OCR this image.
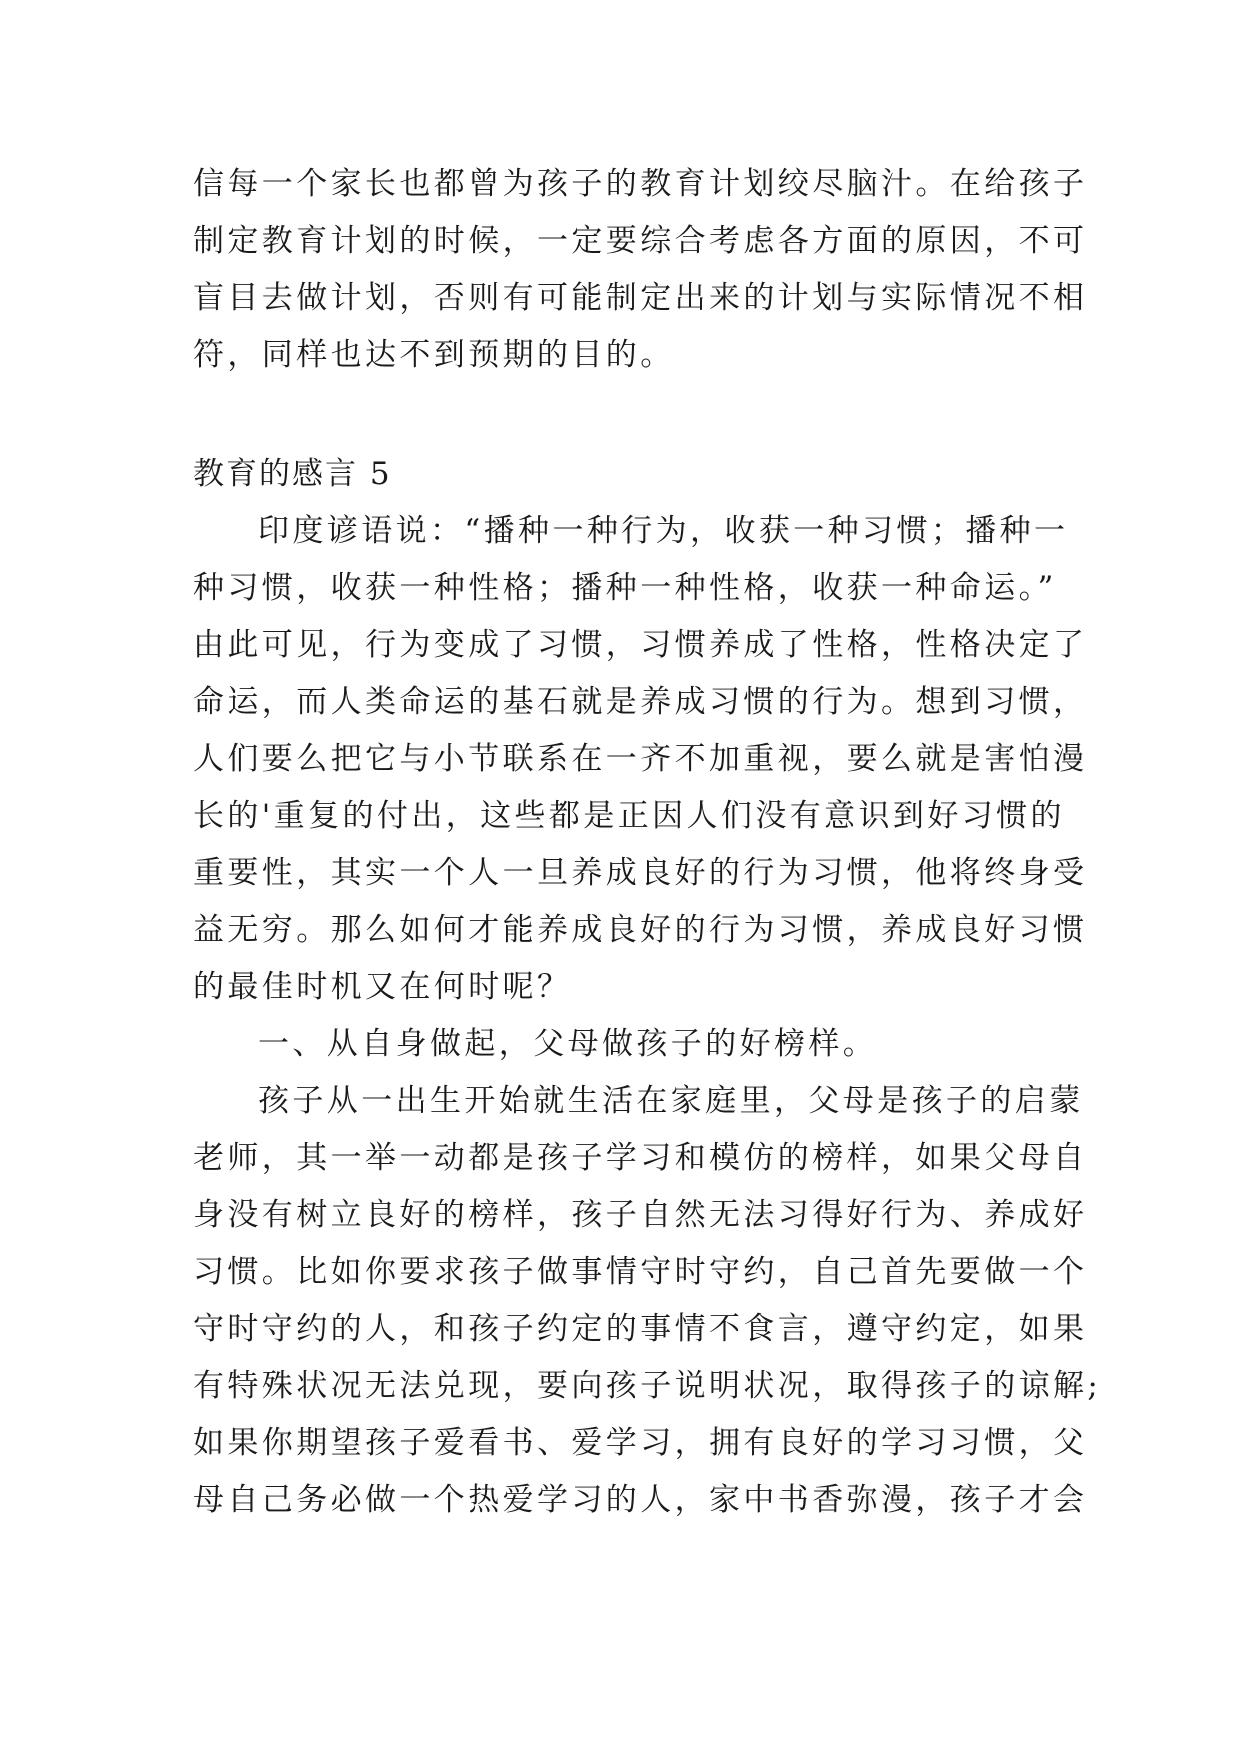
信每一个家长也都曾为孩子的教育计划绞尽脑汁。在给孩子
制定教育计划的时候，一定要综合考虑各方面的原因，不可
盲目去做计划，否则有可能制定出来的计划与实际情况不相
符，同样也达不到预期的目的。
教育的感言 5
印度谚语说：“播种一种行为，收获一种习惯；播种一
种习惯，收获一种性格；播种一种性格，收获一种命运。”
由此可见，行为变成了习惯，习惯养成了性格，性格决定了
命运，而人类命运的基石就是养成习惯的行为。想到习惯，
人们要么把它与小节联系在一齐不加重视，要么就是害怕漫
长的'重复的付出，这些都是正因人们没有意识到好习惯的
重要性，其实一个人一旦养成良好的行为习惯，他将终身受
益无穷。那么如何才能养成良好的行为习惯，养成良好习惯
的最佳时机又在何时呢？
一、从自身做起，父母做孩子的好榜样。
孩子从一出生开始就生活在家庭里，父母是孩子的启蒙
老师，其一举一动都是孩子学习和模仿的榜样，如果父母自
身没有树立良好的榜样，孩子自然无法习得好行为、养成好
习惯。比如你要求孩子做事情守时守约，自己首先要做一个
守时守约的人，和孩子约定的事情不食言，遵守约定，如果
有特殊状况无法兑现，要向孩子说明状况，取得孩子的谅解;
如果你期望孩子爱看书、爱学习，拥有良好的学习习惯，父
母自己务必做一个热爱学习的人，家中书香弥漫，孩子才会
